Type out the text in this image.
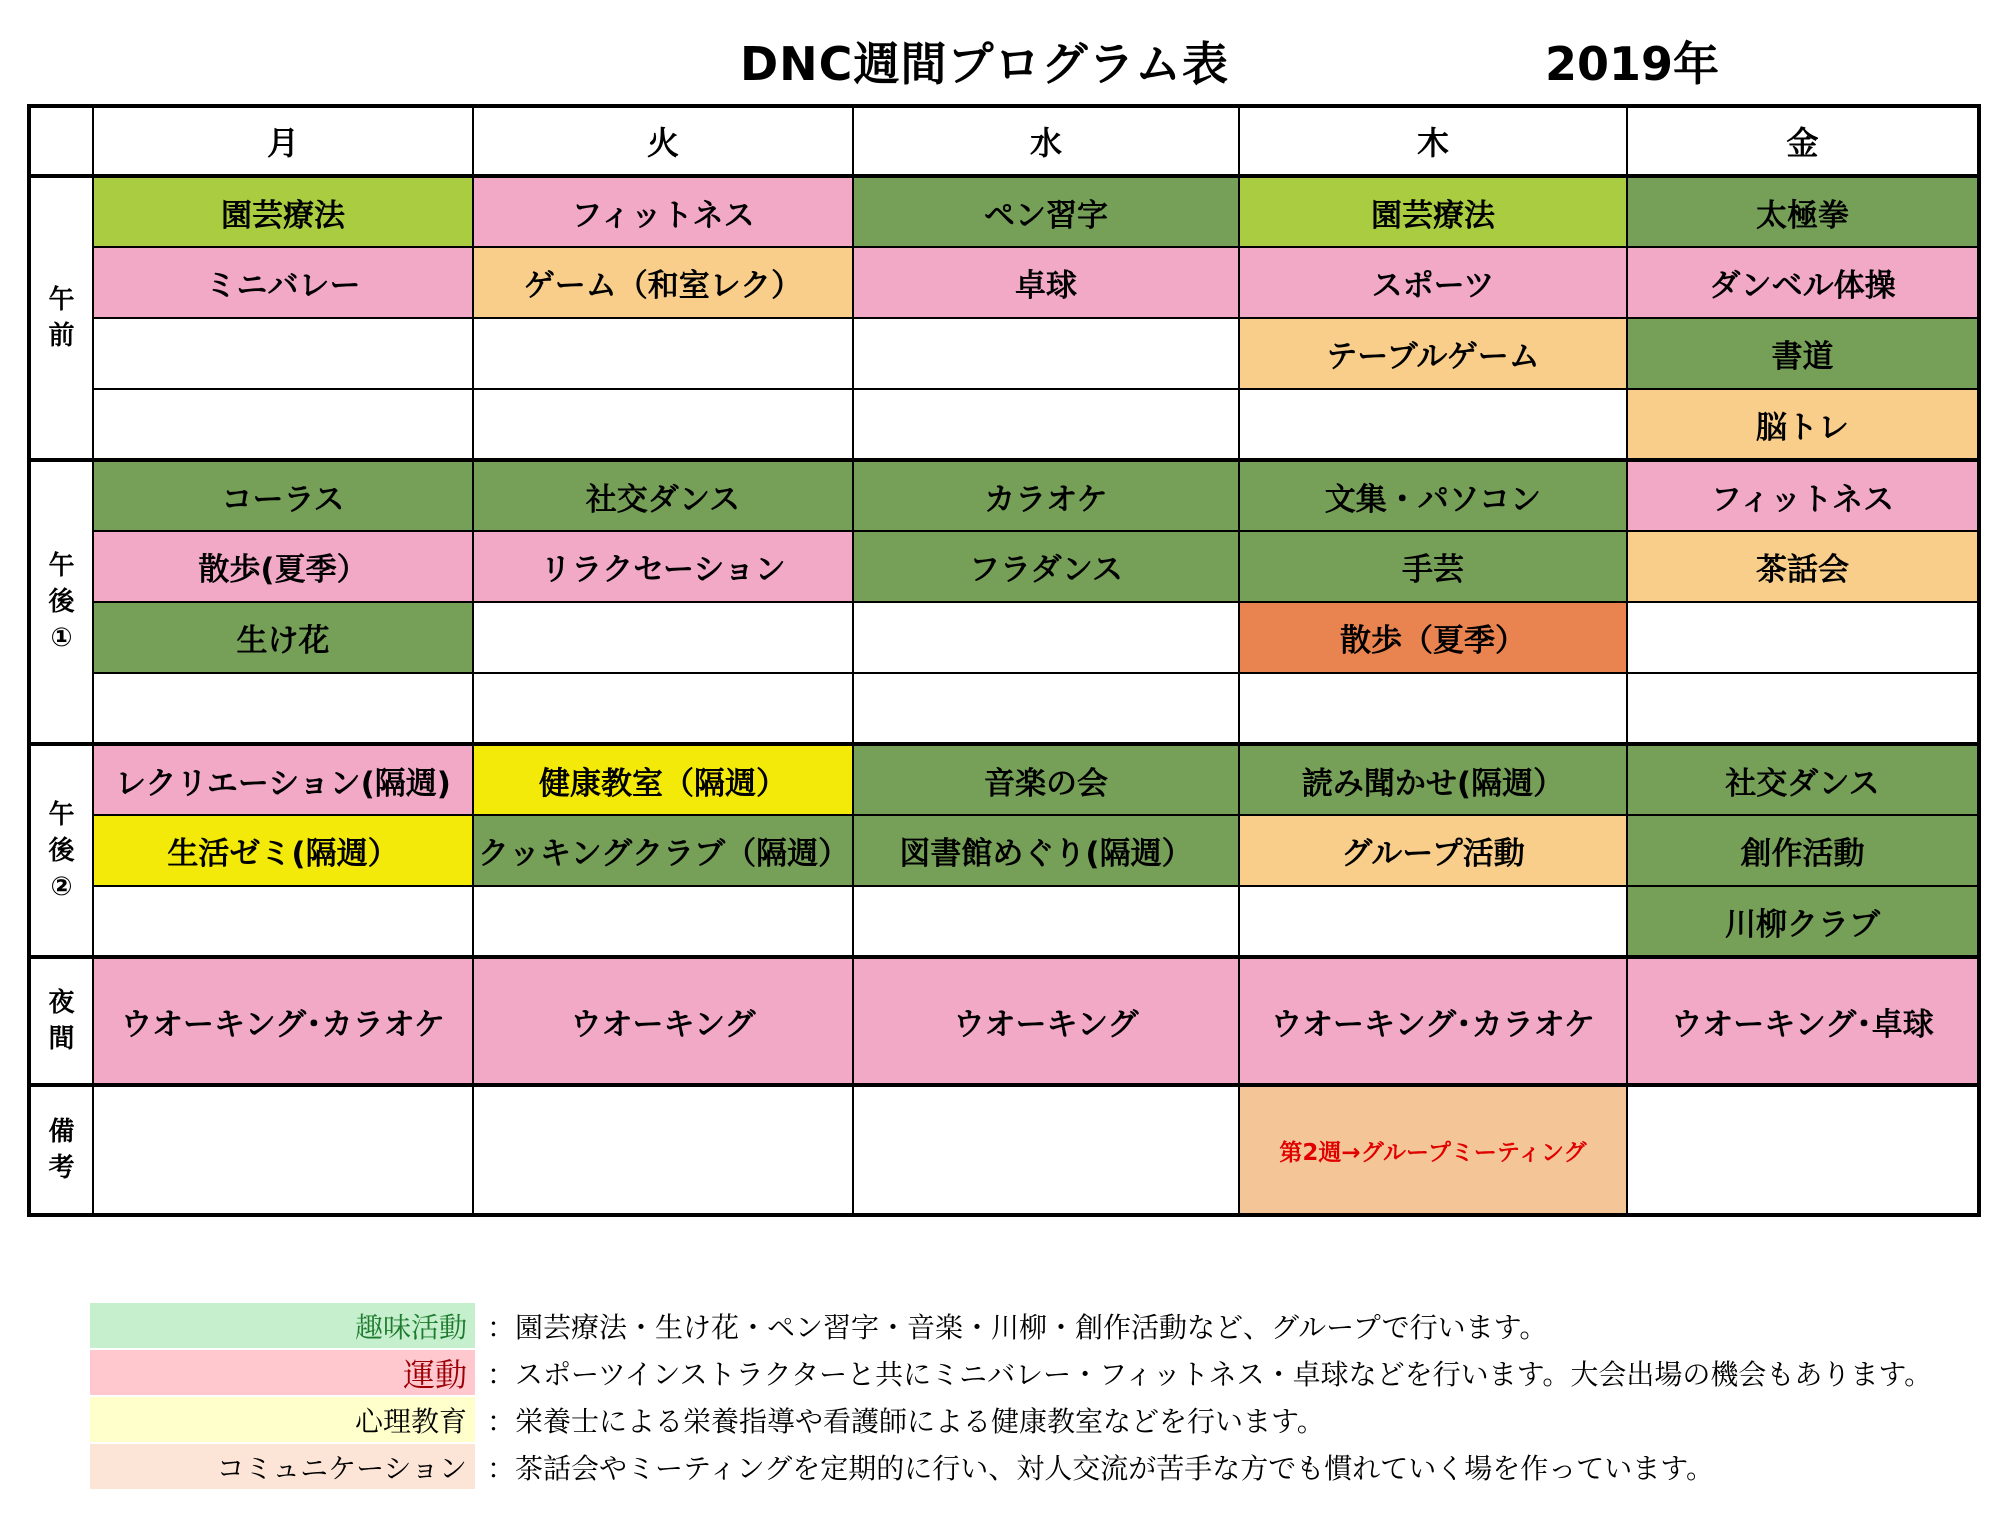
DNC週間プログラム表	2019年
	月	火	水	木	金
午
前	園芸療法	フィットネス	ペン習字	園芸療法	太極拳
	ミニバレー	ゲーム（和室レク）	卓球	スポーツ	ダンベル体操
				テーブルゲーム	書道
					脳トレ
午
後
①	コーラス	社交ダンス	カラオケ	文集・パソコン	フィットネス
	散歩(夏季）	リラクセーション	フラダンス	手芸	茶話会
	生け花			散歩（夏季）	

午
後
②	レクリエーション(隔週)	健康教室（隔週）	音楽の会	読み聞かせ(隔週）	社交ダンス
	生活ゼミ(隔週）	クッキングクラブ（隔週）	図書館めぐり(隔週）	グループ活動	創作活動
					川柳クラブ
夜
間	ウオーキング･カラオケ	ウオーキング	ウオーキング	ウオーキング･カラオケ	ウオーキング･卓球
備
考				第2週→グループミーティング	
趣味活動 ：園芸療法・生け花・ペン習字・音楽・川柳・創作活動など、グループで行います。
運動 ：スポーツインストラクターと共にミニバレー・フィットネス・卓球などを行います。大会出場の機会もあります。
心理教育 ：栄養士による栄養指導や看護師による健康教室などを行います。
コミュニケーション ：茶話会やミーティングを定期的に行い、対人交流が苦手な方でも慣れていく場を作っています。
